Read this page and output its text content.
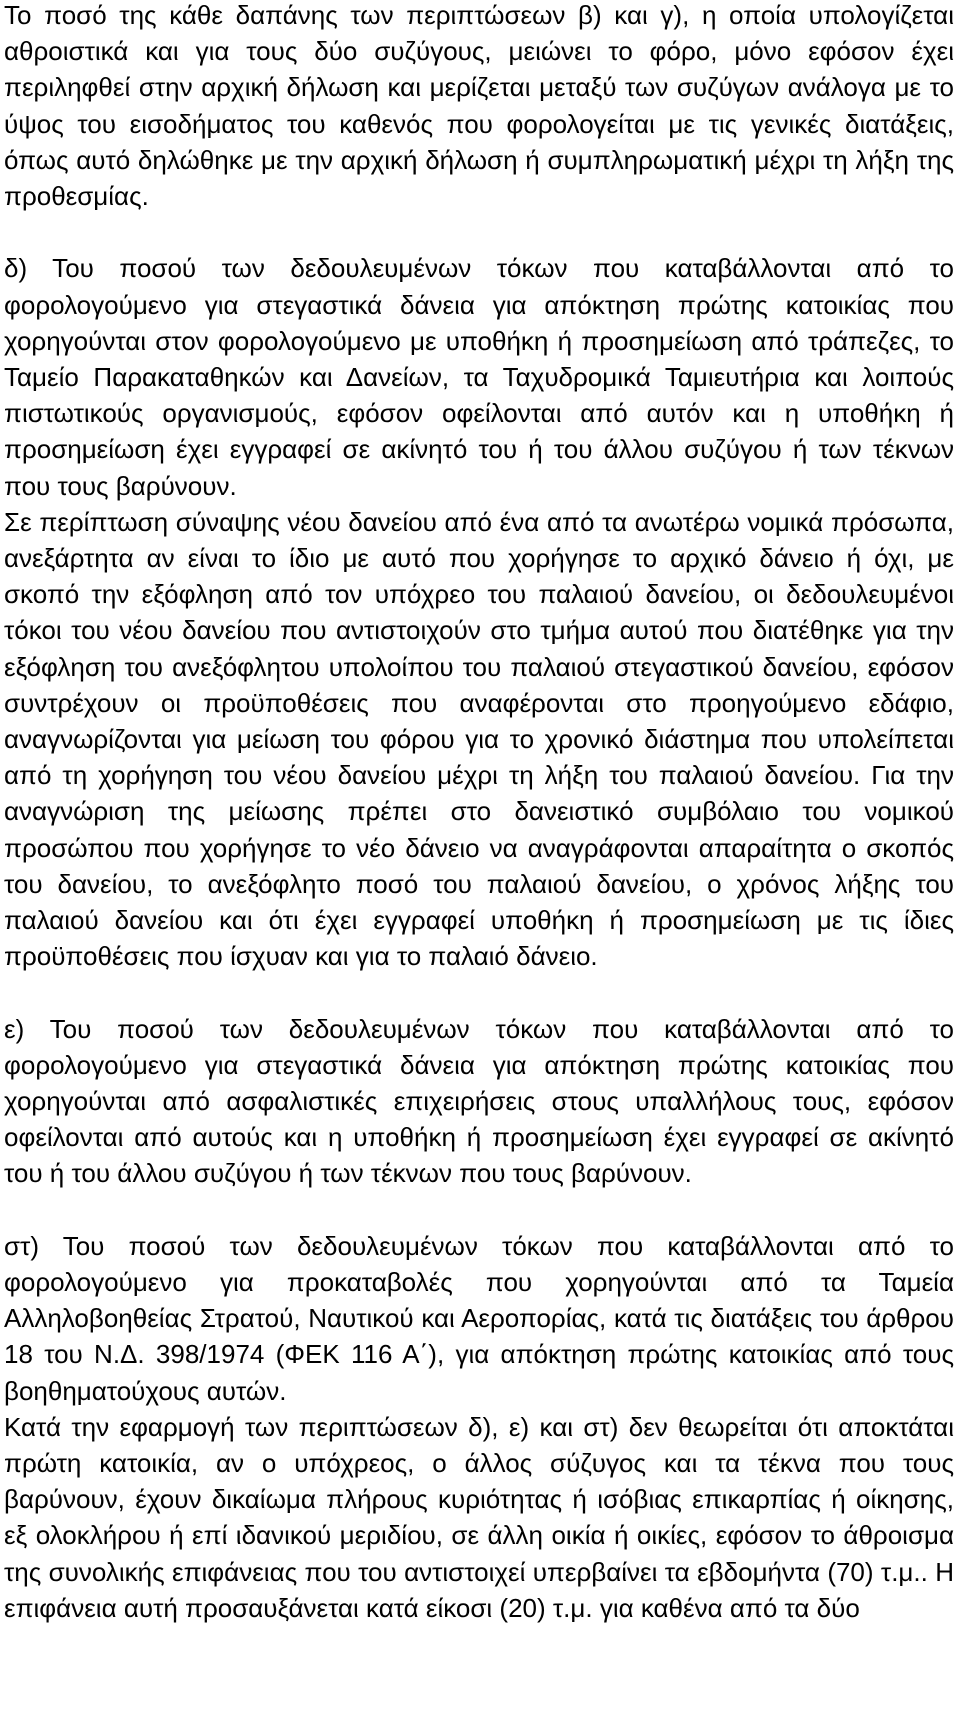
Το ποσό της κάθε δαπάνης των περιπτώσεων β) και γ), η οποία υπολογίζεται αθροιστικά και για τους δύο συζύγους, μειώνει το φόρο, μόνο εφόσον έχει περιληφθεί στην αρχική δήλωση και μερίζεται μεταξύ των συζύγων ανάλογα με το ύψος του εισοδήματος του καθενός που φορολογείται με τις γενικές διατάξεις, όπως αυτό δηλώθηκε με την αρχική δήλωση ή συμπληρωματική μέχρι τη λήξη της προθεσμίας.

δ) Του ποσού των δεδουλευμένων τόκων που καταβάλλονται από το φορολογούμενο για στεγαστικά δάνεια για απόκτηση πρώτης κατοικίας που χορηγούνται στον φορολογούμενο με υποθήκη ή προσημείωση από τράπεζες, το Ταμείο Παρακαταθηκών και Δανείων, τα Ταχυδρομικά Ταμιευτήρια και λοιπούς πιστωτικούς οργανισμούς, εφόσον οφείλονται από αυτόν και η υποθήκη ή προσημείωση έχει εγγραφεί σε ακίνητό του ή του άλλου συζύγου ή των τέκνων που τους βαρύνουν.

Σε περίπτωση σύναψης νέου δανείου από ένα από τα ανωτέρω νομικά πρόσωπα, ανεξάρτητα αν είναι το ίδιο με αυτό που χορήγησε το αρχικό δάνειο ή όχι, με σκοπό την εξόφληση από τον υπόχρεο του παλαιού δανείου, οι δεδουλευμένοι τόκοι του νέου δανείου που αντιστοιχούν στο τμήμα αυτού που διατέθηκε για την εξόφληση του ανεξόφλητου υπολοίπου του παλαιού στεγαστικού δανείου, εφόσον συντρέχουν οι προϋποθέσεις που αναφέρονται στο προηγούμενο εδάφιο, αναγνωρίζονται για μείωση του φόρου για το χρονικό διάστημα που υπολείπεται από τη χορήγηση του νέου δανείου μέχρι τη λήξη του παλαιού δανείου. Για την αναγνώριση της μείωσης πρέπει στο δανειστικό συμβόλαιο του νομικού προσώπου που χορήγησε το νέο δάνειο να αναγράφονται απαραίτητα ο σκοπός του δανείου, το ανεξόφλητο ποσό του παλαιού δανείου, ο χρόνος λήξης του παλαιού δανείου και ότι έχει εγγραφεί υποθήκη ή προσημείωση με τις ίδιες προϋποθέσεις που ίσχυαν και για το παλαιό δάνειο.

ε) Του ποσού των δεδουλευμένων τόκων που καταβάλλονται από το φορολογούμενο για στεγαστικά δάνεια για απόκτηση πρώτης κατοικίας που χορηγούνται από ασφαλιστικές επιχειρήσεις στους υπαλλήλους τους, εφόσον οφείλονται από αυτούς και η υποθήκη ή προσημείωση έχει εγγραφεί σε ακίνητό του ή του άλλου συζύγου ή των τέκνων που τους βαρύνουν.

στ) Του ποσού των δεδουλευμένων τόκων που καταβάλλονται από το φορολογούμενο για προκαταβολές που χορηγούνται από τα Ταμεία Αλληλοβοηθείας Στρατού, Ναυτικού και Αεροπορίας, κατά τις διατάξεις του άρθρου 18 του Ν.Δ. 398/1974 (ΦΕΚ 116 Α΄), για απόκτηση πρώτης κατοικίας από τους βοηθηματούχους αυτών.

Κατά την εφαρμογή των περιπτώσεων δ), ε) και στ) δεν θεωρείται ότι αποκτάται πρώτη κατοικία, αν ο υπόχρεος, ο άλλος σύζυγος και τα τέκνα που τους βαρύνουν, έχουν δικαίωμα πλήρους κυριότητας ή ισόβιας επικαρπίας ή οίκησης, εξ ολοκλήρου ή επί ιδανικού μεριδίου, σε άλλη οικία ή οικίες, εφόσον το άθροισμα της συνολικής επιφάνειας που του αντιστοιχεί υπερβαίνει τα εβδομήντα (70) τ.μ.. Η επιφάνεια αυτή προσαυξάνεται κατά είκοσι (20) τ.μ. για καθένα από τα δύο
